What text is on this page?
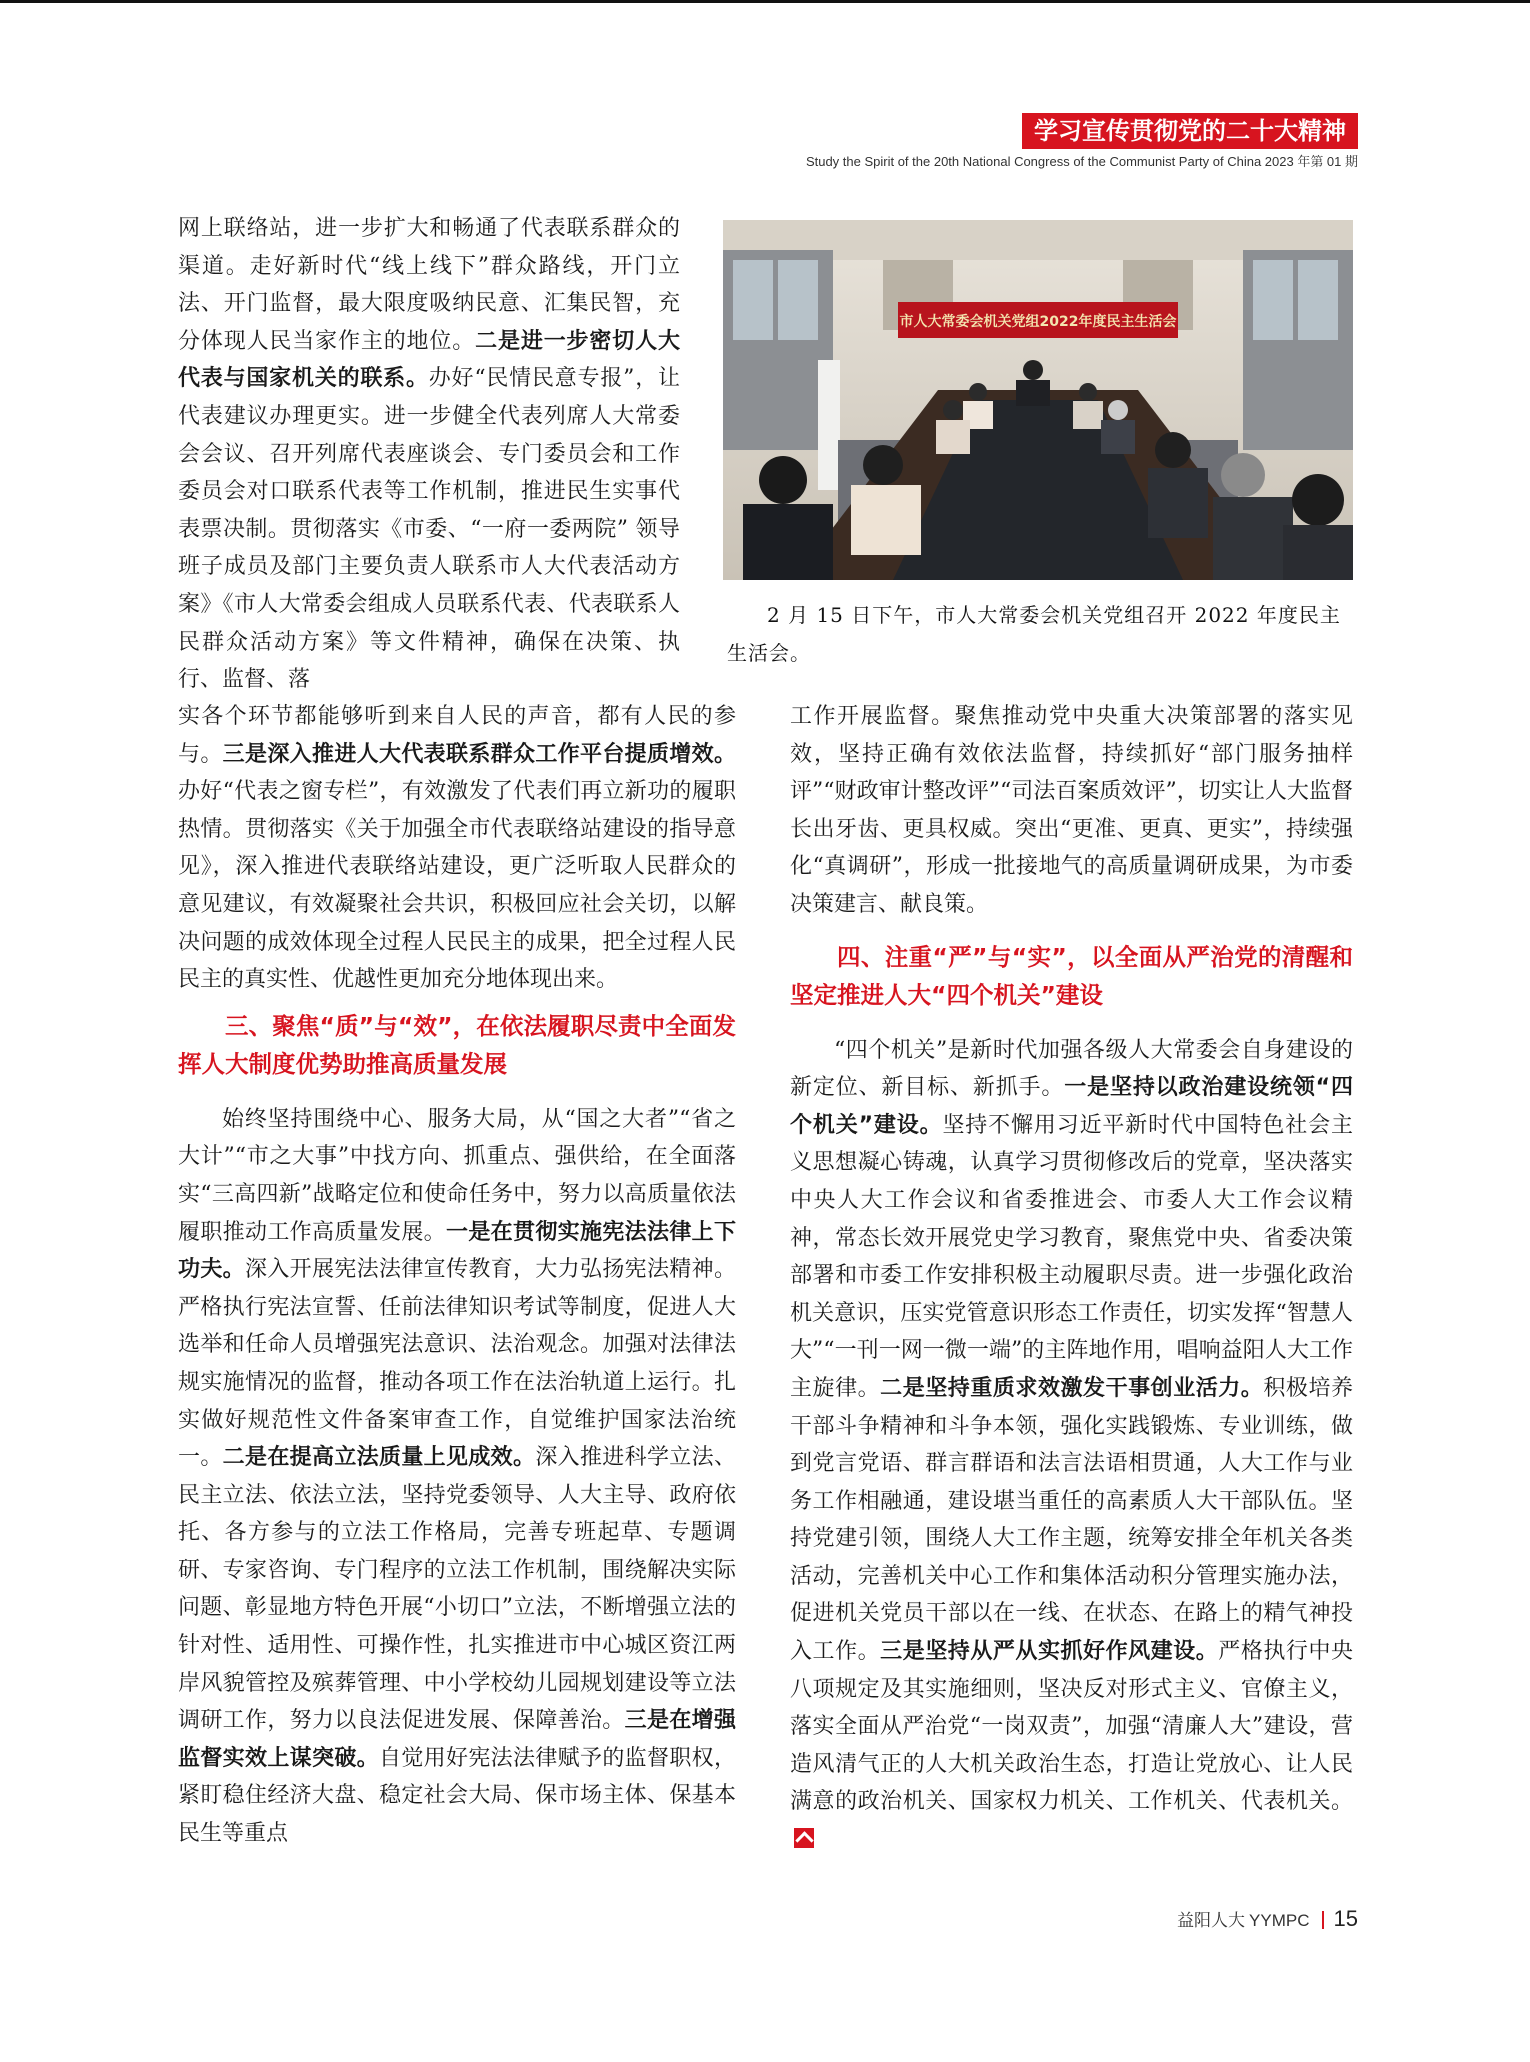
学习宣传贯彻党的二十大精神
Study the Spirit of the 20th National Congress of the Communist Party of China 2023 年第 01 期

网上联络站，进一步扩大和畅通了代表联系群众的渠道。走好新时代“线上线下”群众路线，开门立法、开门监督，最大限度吸纳民意、汇集民智，充分体现人民当家作主的地位。二是进一步密切人大代表与国家机关的联系。办好“民情民意专报”，让代表建议办理更实。进一步健全代表列席人大常委会会议、召开列席代表座谈会、专门委员会和工作委员会对口联系代表等工作机制，推进民生实事代表票决制。贯彻落实《市委、“一府一委两院” 领导班子成员及部门主要负责人联系市人大代表活动方案》《市人大常委会组成人员联系代表、代表联系人民群众活动方案》等文件精神，确保在决策、执行、监督、落

市人大常委会机关党组2022年度民主生活会
2 月 15 日下午，市人大常委会机关党组召开 2022 年度民主生活会。

实各个环节都能够听到来自人民的声音，都有人民的参与。三是深入推进人大代表联系群众工作平台提质增效。办好“代表之窗专栏”，有效激发了代表们再立新功的履职热情。贯彻落实《关于加强全市代表联络站建设的指导意见》，深入推进代表联络站建设，更广泛听取人民群众的意见建议，有效凝聚社会共识，积极回应社会关切，以解决问题的成效体现全过程人民民主的成果，把全过程人民民主的真实性、优越性更加充分地体现出来。

三、聚焦“质”与“效”，在依法履职尽责中全面发挥人大制度优势助推高质量发展

始终坚持围绕中心、服务大局，从“国之大者”“省之大计”“市之大事”中找方向、抓重点、强供给，在全面落实“三高四新”战略定位和使命任务中，努力以高质量依法履职推动工作高质量发展。一是在贯彻实施宪法法律上下功夫。深入开展宪法法律宣传教育，大力弘扬宪法精神。严格执行宪法宣誓、任前法律知识考试等制度，促进人大选举和任命人员增强宪法意识、法治观念。加强对法律法规实施情况的监督，推动各项工作在法治轨道上运行。扎实做好规范性文件备案审查工作，自觉维护国家法治统一。二是在提高立法质量上见成效。深入推进科学立法、民主立法、依法立法，坚持党委领导、人大主导、政府依托、各方参与的立法工作格局，完善专班起草、专题调研、专家咨询、专门程序的立法工作机制，围绕解决实际问题、彰显地方特色开展“小切口”立法，不断增强立法的针对性、适用性、可操作性，扎实推进市中心城区资江两岸风貌管控及殡葬管理、中小学校幼儿园规划建设等立法调研工作，努力以良法促进发展、保障善治。三是在增强监督实效上谋突破。自觉用好宪法法律赋予的监督职权，紧盯稳住经济大盘、稳定社会大局、保市场主体、保基本民生等重点

工作开展监督。聚焦推动党中央重大决策部署的落实见效，坚持正确有效依法监督，持续抓好“部门服务抽样评”“财政审计整改评”“司法百案质效评”，切实让人大监督长出牙齿、更具权威。突出“更准、更真、更实”，持续强化“真调研”，形成一批接地气的高质量调研成果，为市委决策建言、献良策。

四、注重“严”与“实”，以全面从严治党的清醒和坚定推进人大“四个机关”建设

“四个机关”是新时代加强各级人大常委会自身建设的新定位、新目标、新抓手。一是坚持以政治建设统领“四个机关”建设。坚持不懈用习近平新时代中国特色社会主义思想凝心铸魂，认真学习贯彻修改后的党章，坚决落实中央人大工作会议和省委推进会、市委人大工作会议精神，常态长效开展党史学习教育，聚焦党中央、省委决策部署和市委工作安排积极主动履职尽责。进一步强化政治机关意识，压实党管意识形态工作责任，切实发挥“智慧人大”“一刊一网一微一端”的主阵地作用，唱响益阳人大工作主旋律。二是坚持重质求效激发干事创业活力。积极培养干部斗争精神和斗争本领，强化实践锻炼、专业训练，做到党言党语、群言群语和法言法语相贯通，人大工作与业务工作相融通，建设堪当重任的高素质人大干部队伍。坚持党建引领，围绕人大工作主题，统筹安排全年机关各类活动，完善机关中心工作和集体活动积分管理实施办法，促进机关党员干部以在一线、在状态、在路上的精气神投入工作。三是坚持从严从实抓好作风建设。严格执行中央八项规定及其实施细则，坚决反对形式主义、官僚主义，落实全面从严治党“一岗双责”，加强“清廉人大”建设，营造风清气正的人大机关政治生态，打造让党放心、让人民满意的政治机关、国家权力机关、工作机关、代表机关。

益阳人大 YYMPC 15
